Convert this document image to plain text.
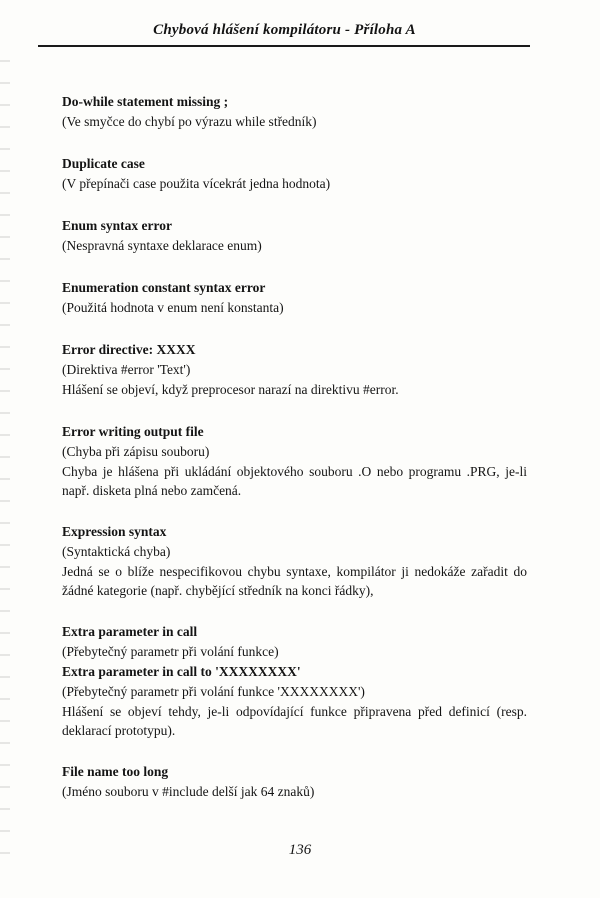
Chybová hlášení kompilátoru - Příloha A
Do-while statement missing ;
(Ve smyčce do chybí po výrazu while středník)
Duplicate case
(V přepínači case použita vícekrát jedna hodnota)
Enum syntax error
(Nespravná syntaxe deklarace enum)
Enumeration constant syntax error
(Použitá hodnota v enum není konstanta)
Error directive: XXXX
(Direktiva #error 'Text')
Hlášení se objeví, když preprocesor narazí na direktivu #error.
Error writing output file
(Chyba při zápisu souboru)
Chyba je hlášena při ukládání objektového souboru .O nebo programu .PRG, je-li např. disketa plná nebo zamčená.
Expression syntax
(Syntaktická chyba)
Jedná se o blíže nespecifikovou chybu syntaxe, kompilátor ji nedokáže zařadit do žádné kategorie (např. chybějící středník na konci řádky),
Extra parameter in call
(Přebytečný parametr při volání funkce)
Extra parameter in call to 'XXXXXXXX'
(Přebytečný parametr při volání funkce 'XXXXXXXX')
Hlášení se objeví tehdy, je-li odpovídající funkce připravena před definicí (resp. deklarací prototypu).
File name too long
(Jméno souboru v #include delší jak 64 znaků)
136
